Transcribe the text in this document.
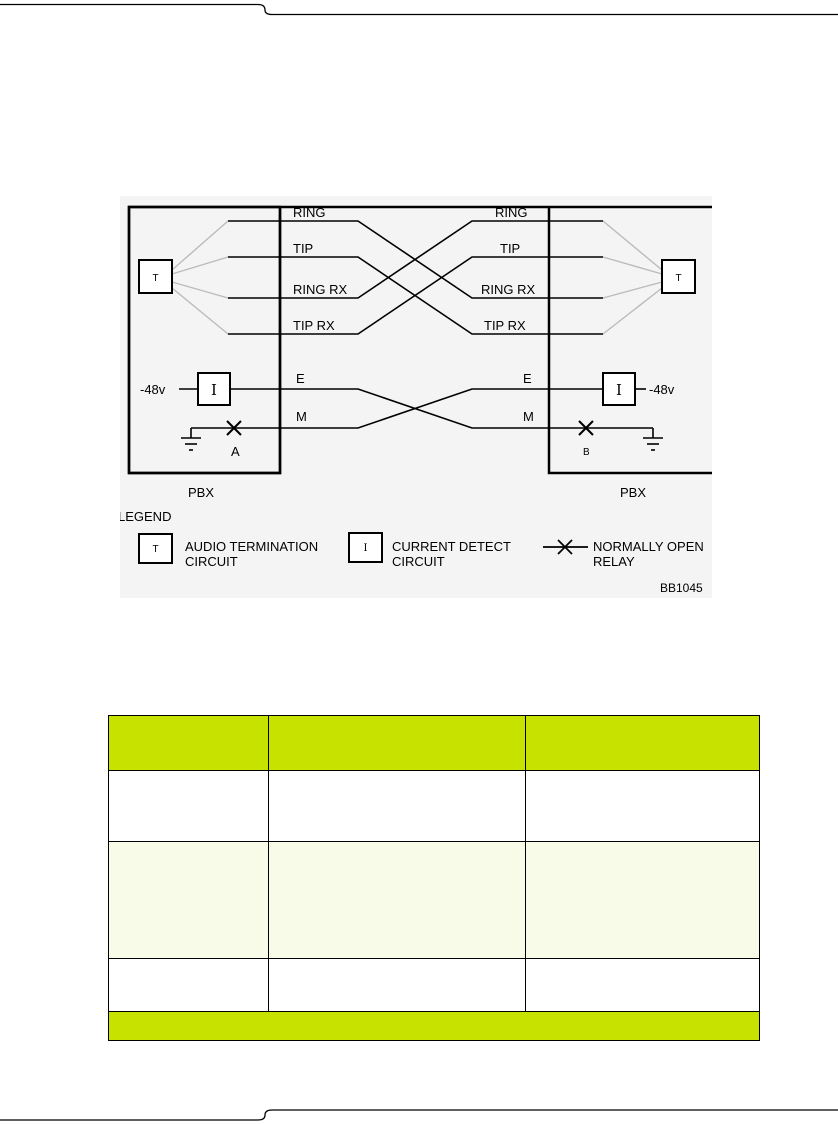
T	T
RING
TIP
RING RX
TIP RX
RING
TIP
RING RX
TIP RX
I	I
-48v	-48v
E
M
E
M
A	B
PBX	PBX
LEGEND
T AUDIO TERMINATION
CIRCUIT
I CURRENT DETECT
CIRCUIT
NORMALLY OPEN
RELAY
BB1045
